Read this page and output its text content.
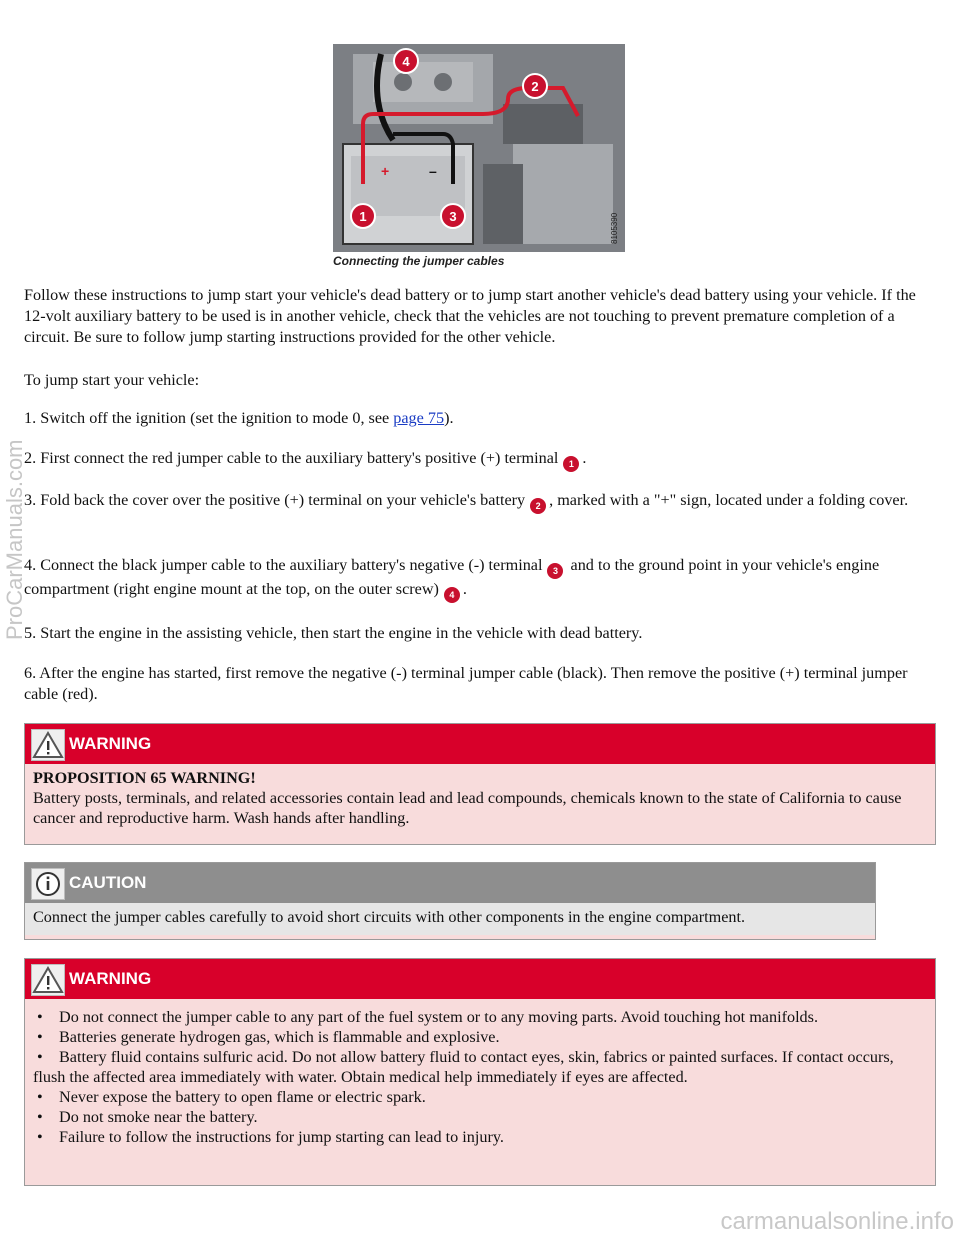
4
2
1	3
+	–
8105390
Connecting the jumper cables

Follow these instructions to jump start your vehicle's dead battery or to jump start another vehicle's dead battery using your vehicle. If the 12-volt auxiliary battery to be used is in another vehicle, check that the vehicles are not touching to prevent premature completion of a circuit. Be sure to follow jump starting instructions provided for the other vehicle.

To jump start your vehicle:

1. Switch off the ignition (set the ignition to mode 0, see page 75).

2. First connect the red jumper cable to the auxiliary battery's positive (+) terminal 1 .

3. Fold back the cover over the positive (+) terminal on your vehicle's battery 2 , marked with a "+" sign, located under a folding cover.

4. Connect the black jumper cable to the auxiliary battery's negative (-) terminal 3 and to the ground point in your vehicle's engine compartment (right engine mount at the top, on the outer screw) 4 .

5. Start the engine in the assisting vehicle, then start the engine in the vehicle with dead battery.

6. After the engine has started, first remove the negative (-) terminal jumper cable (black). Then remove the positive (+) terminal jumper cable (red).

WARNING
PROPOSITION 65 WARNING!
Battery posts, terminals, and related accessories contain lead and lead compounds, chemicals known to the state of California to cause cancer and reproductive harm. Wash hands after handling.
CAUTION
Connect the jumper cables carefully to avoid short circuits with other components in the engine compartment.
WARNING
• Do not connect the jumper cable to any part of the fuel system or to any moving parts. Avoid touching hot manifolds.
• Batteries generate hydrogen gas, which is flammable and explosive.
• Battery fluid contains sulfuric acid. Do not allow battery fluid to contact eyes, skin, fabrics or painted surfaces. If contact occurs, flush the affected area immediately with water. Obtain medical help immediately if eyes are affected.
• Never expose the battery to open flame or electric spark.
• Do not smoke near the battery.
• Failure to follow the instructions for jump starting can lead to injury.
ProCarManuals.com
carmanualsonline.info
